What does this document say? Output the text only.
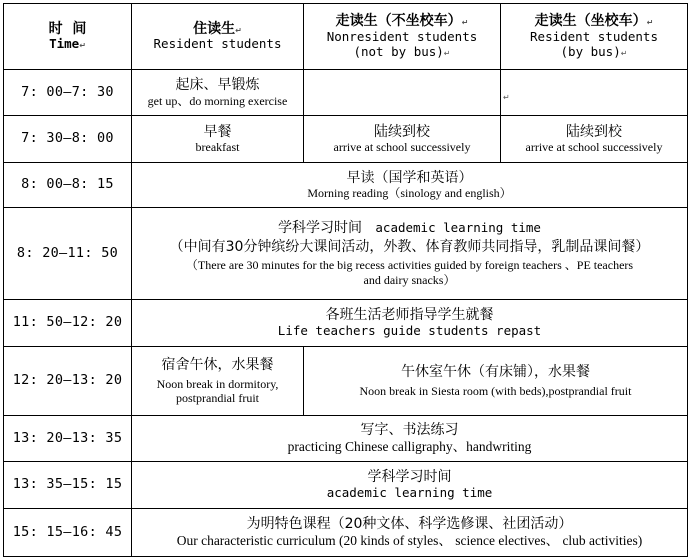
时  间
Time↵	住读生↵
Resident students	走读生（不坐校车）↵
Nonresident students
(not by bus)↵	走读生（坐校车）↵
Resident students
(by bus)↵

7: 00—7: 30	起床、早锻炼
get up、do morning exercise		↵

7: 30—8: 00	早餐
breakfast	陆续到校
arrive at school successively	陆续到校
arrive at school successively

8: 00—8: 15	早读（国学和英语）
Morning reading（sinology and english）		

8: 20—11: 50	学科学习时间 academic learning time
（中间有30分钟缤纷大课间活动，外教、体育教师共同指导，乳制品课间餐）
（There are 30 minutes for the big recess activities guided by foreign teachers 、PE teachers
and dairy snacks）		

11: 50—12: 20	各班生活老师指导学生就餐
Life teachers guide students repast		

12: 20—13: 20	宿舍午休，水果餐
Noon break in dormitory,
postprandial fruit	午休室午休（有床铺），水果餐
Noon break in Siesta room (with beds),postprandial fruit	

13: 20—13: 35	写字、书法练习
practicing Chinese calligraphy、handwriting		

13: 35—15: 15	学科学习时间
academic learning time		

15: 15—16: 45	为明特色课程（20种文体、科学选修课、社团活动）
Our characteristic curriculum (20 kinds of styles、 science electives、 club activities)		
